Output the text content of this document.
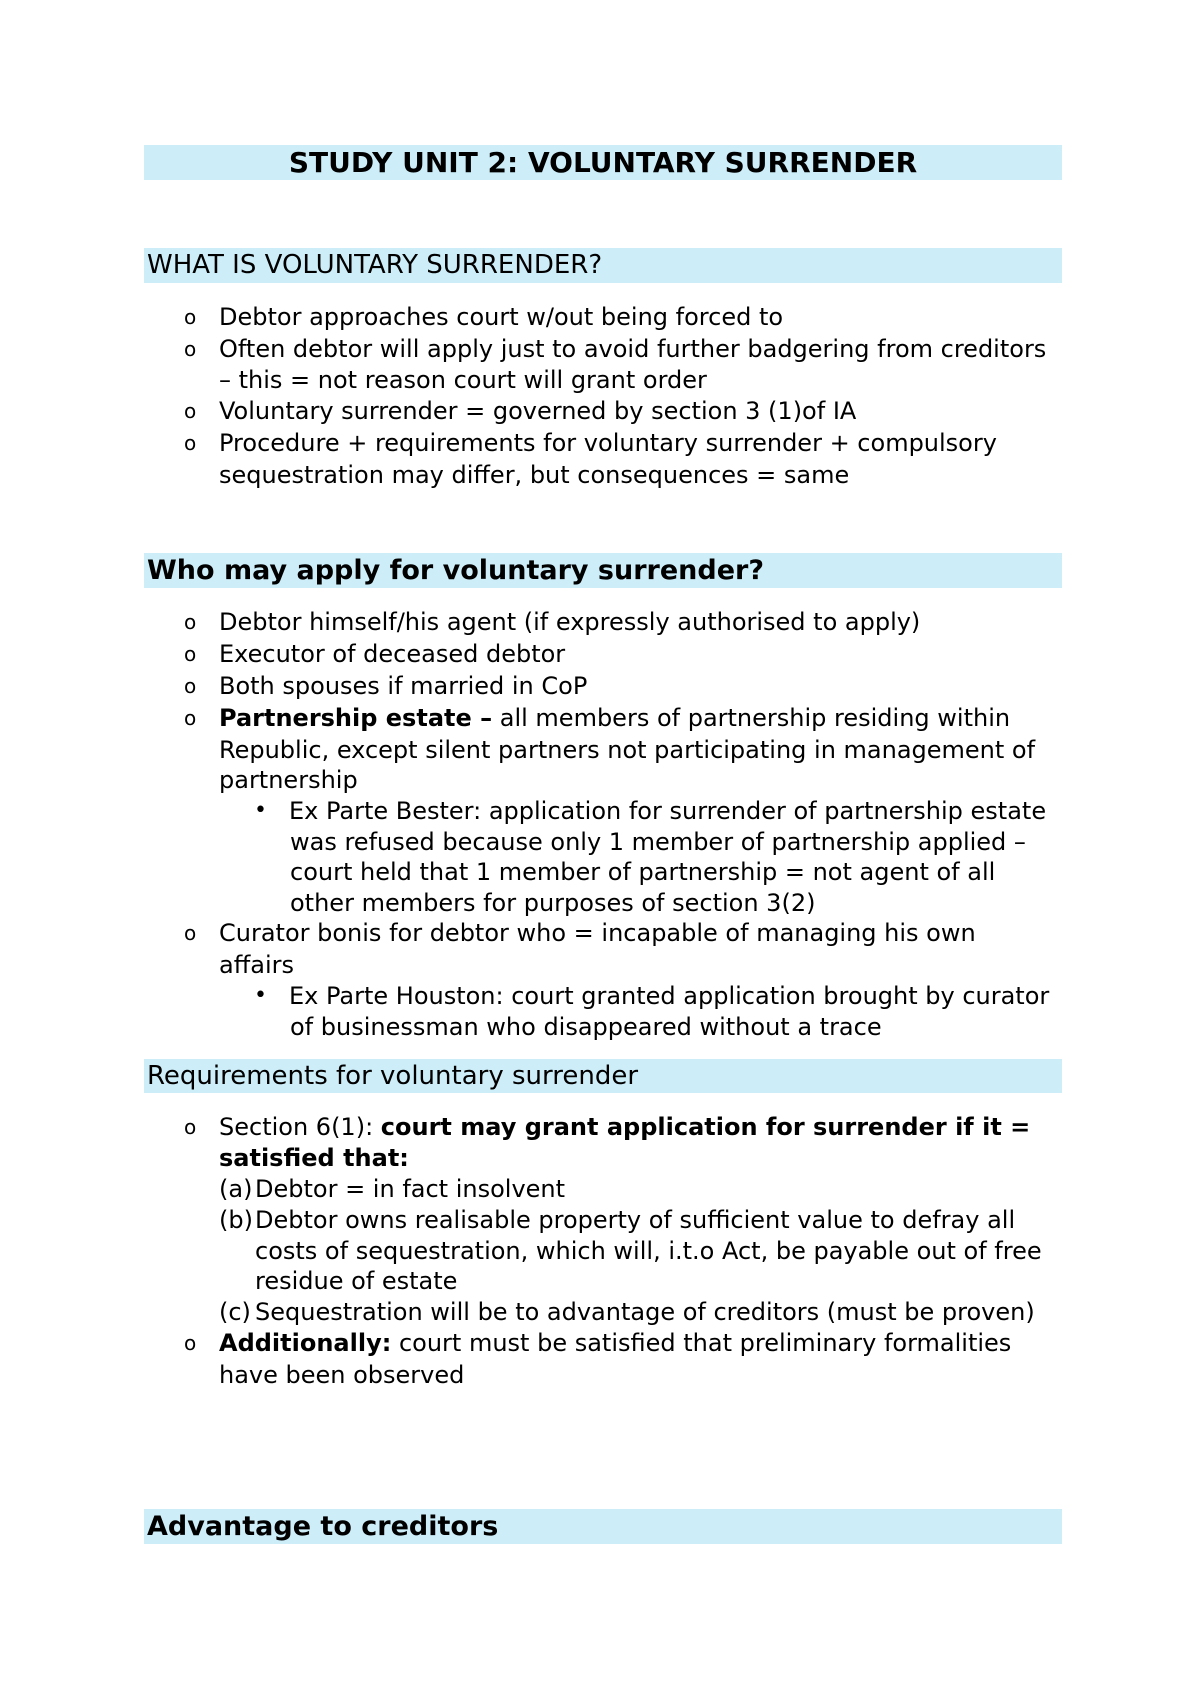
STUDY UNIT 2: VOLUNTARY SURRENDER
WHAT IS VOLUNTARY SURRENDER?
o Debtor approaches court w/out being forced to
o Often debtor will apply just to avoid further badgering from creditors
– this = not reason court will grant order
o Voluntary surrender = governed by section 3 (1)of IA
o Procedure + requirements for voluntary surrender + compulsory
sequestration may differ, but consequences = same
Who may apply for voluntary surrender?
o Debtor himself/his agent (if expressly authorised to apply)
o Executor of deceased debtor
o Both spouses if married in CoP
o Partnership estate – all members of partnership residing within
Republic, except silent partners not participating in management of
partnership
• Ex Parte Bester: application for surrender of partnership estate
was refused because only 1 member of partnership applied –
court held that 1 member of partnership = not agent of all
other members for purposes of section 3(2)
o Curator bonis for debtor who = incapable of managing his own
affairs
• Ex Parte Houston: court granted application brought by curator
of businessman who disappeared without a trace
Requirements for voluntary surrender
o Section 6(1): court may grant application for surrender if it =
satisfied that:
(a) Debtor = in fact insolvent
(b) Debtor owns realisable property of sufficient value to defray all
costs of sequestration, which will, i.t.o Act, be payable out of free
residue of estate
(c) Sequestration will be to advantage of creditors (must be proven)
o Additionally: court must be satisfied that preliminary formalities
have been observed
Advantage to creditors
